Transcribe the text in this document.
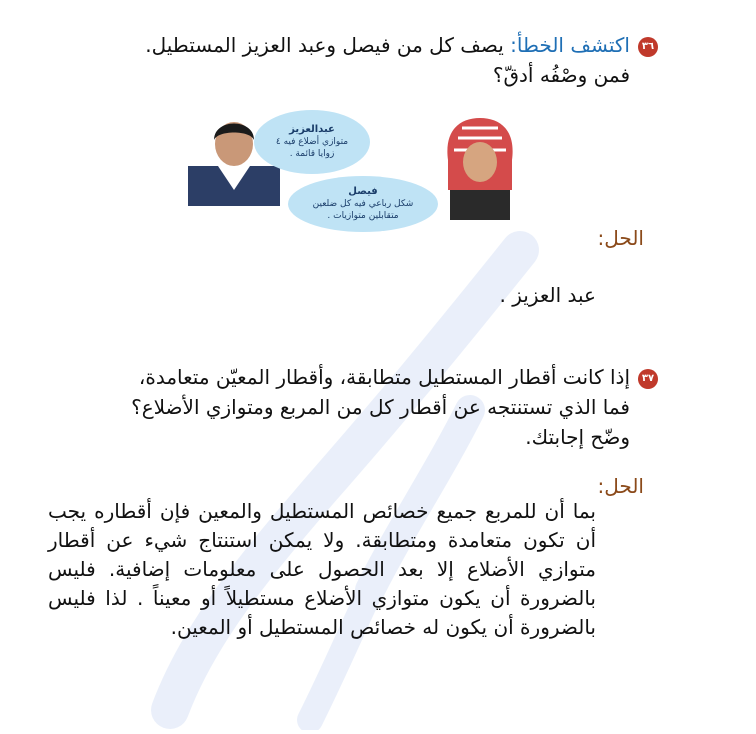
٣٦اكتشف الخطأ: يصف كل من فيصل وعبد العزيز المستطيل.
فمن وصْفُه أدقّ؟
عبدالعزيز
متوازي أضلاع فيه ٤
زوايا قائمة .
فيصل
شكل رباعي فيه كل ضلعين
متقابلين متوازيات .
الحل:
عبد العزيز .
٣٧إذا كانت أقطار المستطيل متطابقة، وأقطار المعيّن متعامدة،
فما الذي تستنتجه عن أقطار كل من المربع ومتوازي الأضلاع؟
وضّح إجابتك.
الحل:
بما أن للمربع جميع خصائص المستطيل والمعين فإن أقطاره يجب أن تكون متعامدة ومتطابقة. ولا يمكن استنتاج شيء عن أقطار متوازي الأضلاع إلا بعد الحصول على معلومات إضافية. فليس بالضرورة أن يكون متوازي الأضلاع مستطيلاً أو معيناً . لذا فليس بالضرورة أن يكون له خصائص المستطيل أو المعين.
